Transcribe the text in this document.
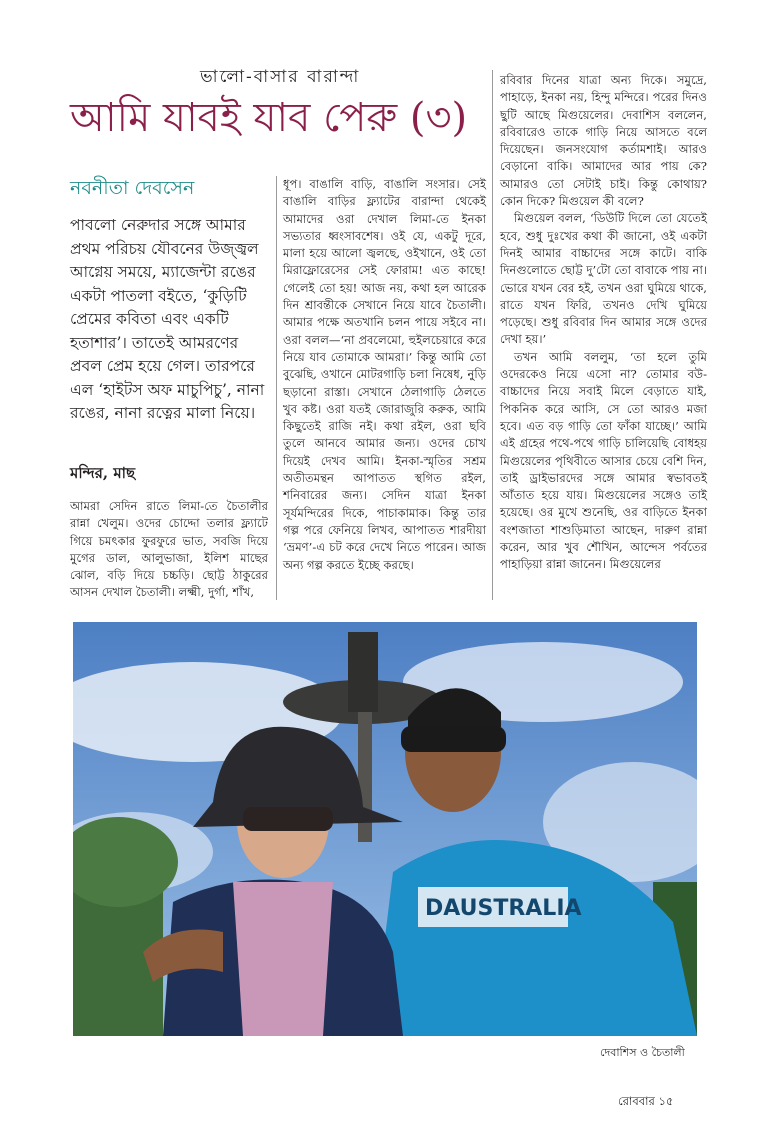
ভালো-বাসার বারান্দা
আমি যাবই যাব পেরু (৩)
নবনীতা দেবসেন
পাবলো নেরুদার সঙ্গে আমার প্রথম পরিচয় যৌবনের উজ্জ্বল আগ্নেয় সময়ে, ম্যাজেন্টা রঙের একটা পাতলা বইতে, ‘কুড়িটি প্রেমের কবিতা এবং একটি হতাশার’। তাতেই আমরণের প্রবল প্রেম হয়ে গেল। তারপরে এল ‘হাইটস অফ মাচুপিচু’, নানা রঙের, নানা রত্নের মালা নিয়ে।
মন্দির, মাছ

আমরা সেদিন রাতে লিমা-তে চৈতালীর রান্না খেলুম। ওদের চোদ্দো তলার ফ্ল্যাটে গিয়ে চমৎকার ফুরফুরে ভাত, সবজি দিয়ে মুগের ডাল, আলুভাজা, ইলিশ মাছের ঝোল, বড়ি দিয়ে চচ্চড়ি। ছোট্ট ঠাকুরের আসন দেখাল চৈতালী। লক্ষ্মী, দুর্গা, শাঁখ,

ধূপ। বাঙালি বাড়ি, বাঙালি সংসার। সেই বাঙালি বাড়ির ফ্ল্যাটের বারান্দা থেকেই আমাদের ওরা দেখাল লিমা-তে ইনকা সভ্যতার ধ্বংসাবশেষ। ওই যে, একটু দূরে, মালা হয়ে আলো জ্বলছে, ওইখানে, ওই তো মিরাফ্লোরেসের সেই ফোরাম! এত কাছে! গেলেই তো হয়! আজ নয়, কথা হল আরেক দিন শ্রাবন্তীকে সেখানে নিয়ে যাবে চৈতালী। আমার পক্ষে অতখানি চলন পায়ে সইবে না। ওরা বলল—‘না প্রবলেমো, হুইলচেয়ারে করে নিয়ে যাব তোমাকে আমরা।’ কিন্তু আমি তো বুঝেছি, ওখানে মোটরগাড়ি চলা নিষেধ, নুড়ি ছড়ানো রাস্তা। সেখানে ঠেলাগাড়ি ঠেলতে খুব কষ্ট। ওরা যতই জোরাজুরি করুক, আমি কিছুতেই রাজি নই। কথা রইল, ওরা ছবি তুলে আনবে আমার জন্য। ওদের চোখ দিয়েই দেখব আমি। ইনকা-স্মৃতির সশ্রম অতীতমন্থন আপাতত স্থগিত রইল, শনিবারের জন্য। সেদিন যাত্রা ইনকা সূর্যমন্দিরের দিকে, পাচাকামাক। কিন্তু তার গল্প পরে ফেনিয়ে লিখব, আপাতত শারদীয়া ‘ভ্রমণ’-এ চট করে দেখে নিতে পারেন। আজ অন্য গল্প করতে ইচ্ছে করছে।

রবিবার দিনের যাত্রা অন্য দিকে। সমুদ্রে, পাহাড়ে, ইনকা নয়, হিন্দু মন্দিরে। পরের দিনও ছুটি আছে মিগুয়েলের। দেবাশিস বললেন, রবিবারেও তাকে গাড়ি নিয়ে আসতে বলে দিয়েছেন। জনসংযোগ কর্তামশাই। আরও বেড়ানো বাকি। আমাদের আর পায় কে? আমারও তো সেটাই চাই। কিন্তু কোথায়? কোন দিকে? মিগুয়েল কী বলে?

মিগুয়েল বলল, ‘ডিউটি দিলে তো যেতেই হবে, শুধু দুঃখের কথা কী জানো, ওই একটা দিনই আমার বাচ্চাদের সঙ্গে কাটে। বাকি দিনগুলোতে ছোট্ট দু’টো তো বাবাকে পায় না। ভোরে যখন বের হই, তখন ওরা ঘুমিয়ে থাকে, রাতে যখন ফিরি, তখনও দেখি ঘুমিয়ে পড়েছে। শুধু রবিবার দিন আমার সঙ্গে ওদের দেখা হয়।’

তখন আমি বললুম, ‘তা হলে তুমি ওদেরকেও নিয়ে এসো না? তোমার বউ-বাচ্চাদের নিয়ে সবাই মিলে বেড়াতে যাই, পিকনিক করে আসি, সে তো আরও মজা হবে। এত বড় গাড়ি তো ফাঁকা যাচ্ছে।’ আমি এই গ্রহের পথে-পথে গাড়ি চালিয়েছি বোধহয় মিগুয়েলের পৃথিবীতে আসার চেয়ে বেশি দিন, তাই ড্রাইভারদের সঙ্গে আমার স্বভাবতই আঁতাত হয়ে যায়। মিগুয়েলের সঙ্গেও তাই হয়েছে। ওর মুখে শুনেছি, ওর বাড়িতে ইনকা বংশজাতা শাশুড়িমাতা আছেন, দারুণ রান্না করেন, আর খুব শৌখিন, আন্দেস পর্বতের পাহাড়িয়া রান্না জানেন। মিগুয়েলের

DAUSTRALIA
দেবাশিস ও চৈতালী
রোববার ১৫
